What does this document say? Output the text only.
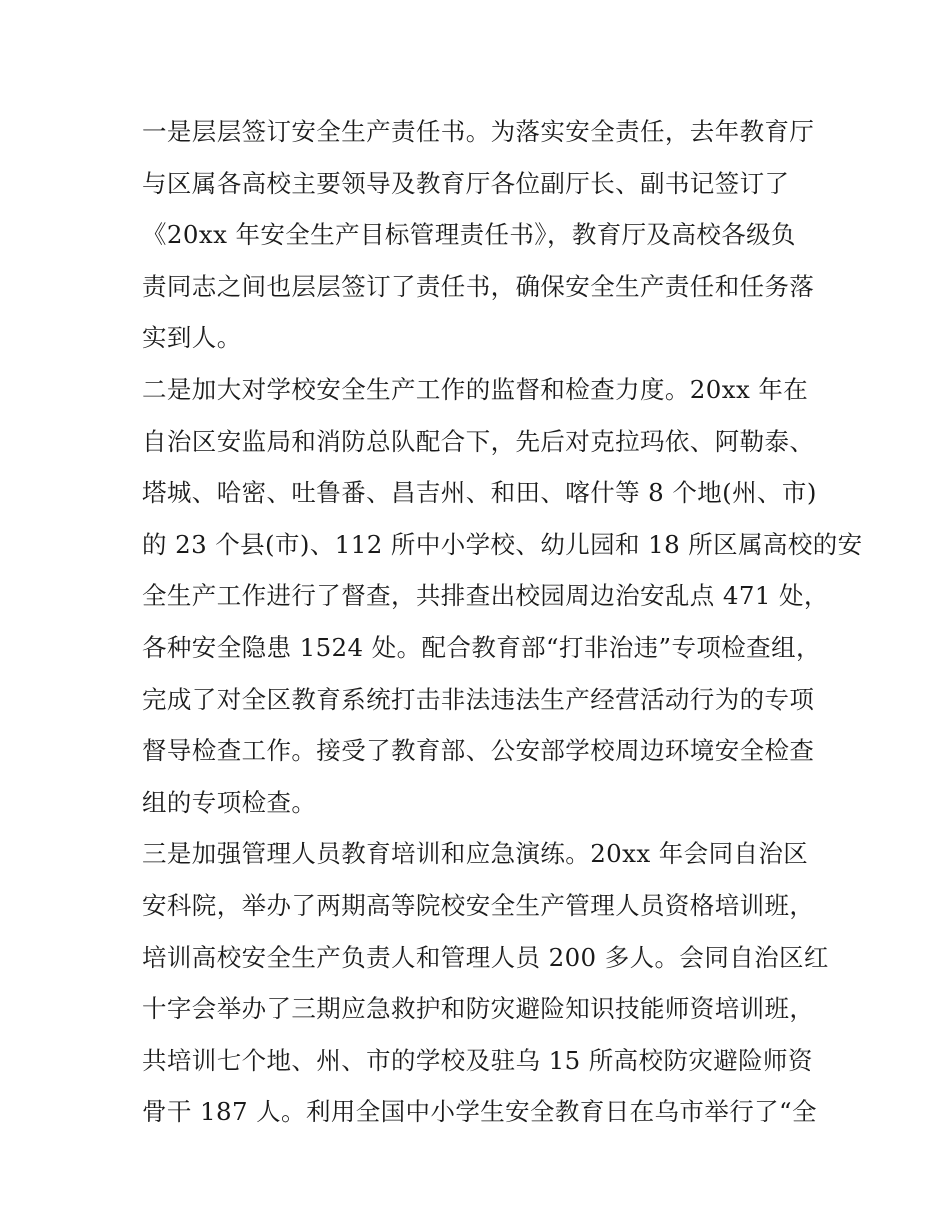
一是层层签订安全生产责任书。为落实安全责任，去年教育厅
与区属各高校主要领导及教育厅各位副厅长、副书记签订了
《20xx 年安全生产目标管理责任书》，教育厅及高校各级负
责同志之间也层层签订了责任书，确保安全生产责任和任务落
实到人。
二是加大对学校安全生产工作的监督和检查力度。20xx 年在
自治区安监局和消防总队配合下，先后对克拉玛依、阿勒泰、
塔城、哈密、吐鲁番、昌吉州、和田、喀什等 8 个地(州、市)
的 23 个县(市)、112 所中小学校、幼儿园和 18 所区属高校的安
全生产工作进行了督查，共排查出校园周边治安乱点 471 处，
各种安全隐患 1524 处。配合教育部“打非治违”专项检查组，
完成了对全区教育系统打击非法违法生产经营活动行为的专项
督导检查工作。接受了教育部、公安部学校周边环境安全检查
组的专项检查。
三是加强管理人员教育培训和应急演练。20xx 年会同自治区
安科院，举办了两期高等院校安全生产管理人员资格培训班，
培训高校安全生产负责人和管理人员 200 多人。会同自治区红
十字会举办了三期应急救护和防灾避险知识技能师资培训班，
共培训七个地、州、市的学校及驻乌 15 所高校防灾避险师资
骨干 187 人。利用全国中小学生安全教育日在乌市举行了“全
